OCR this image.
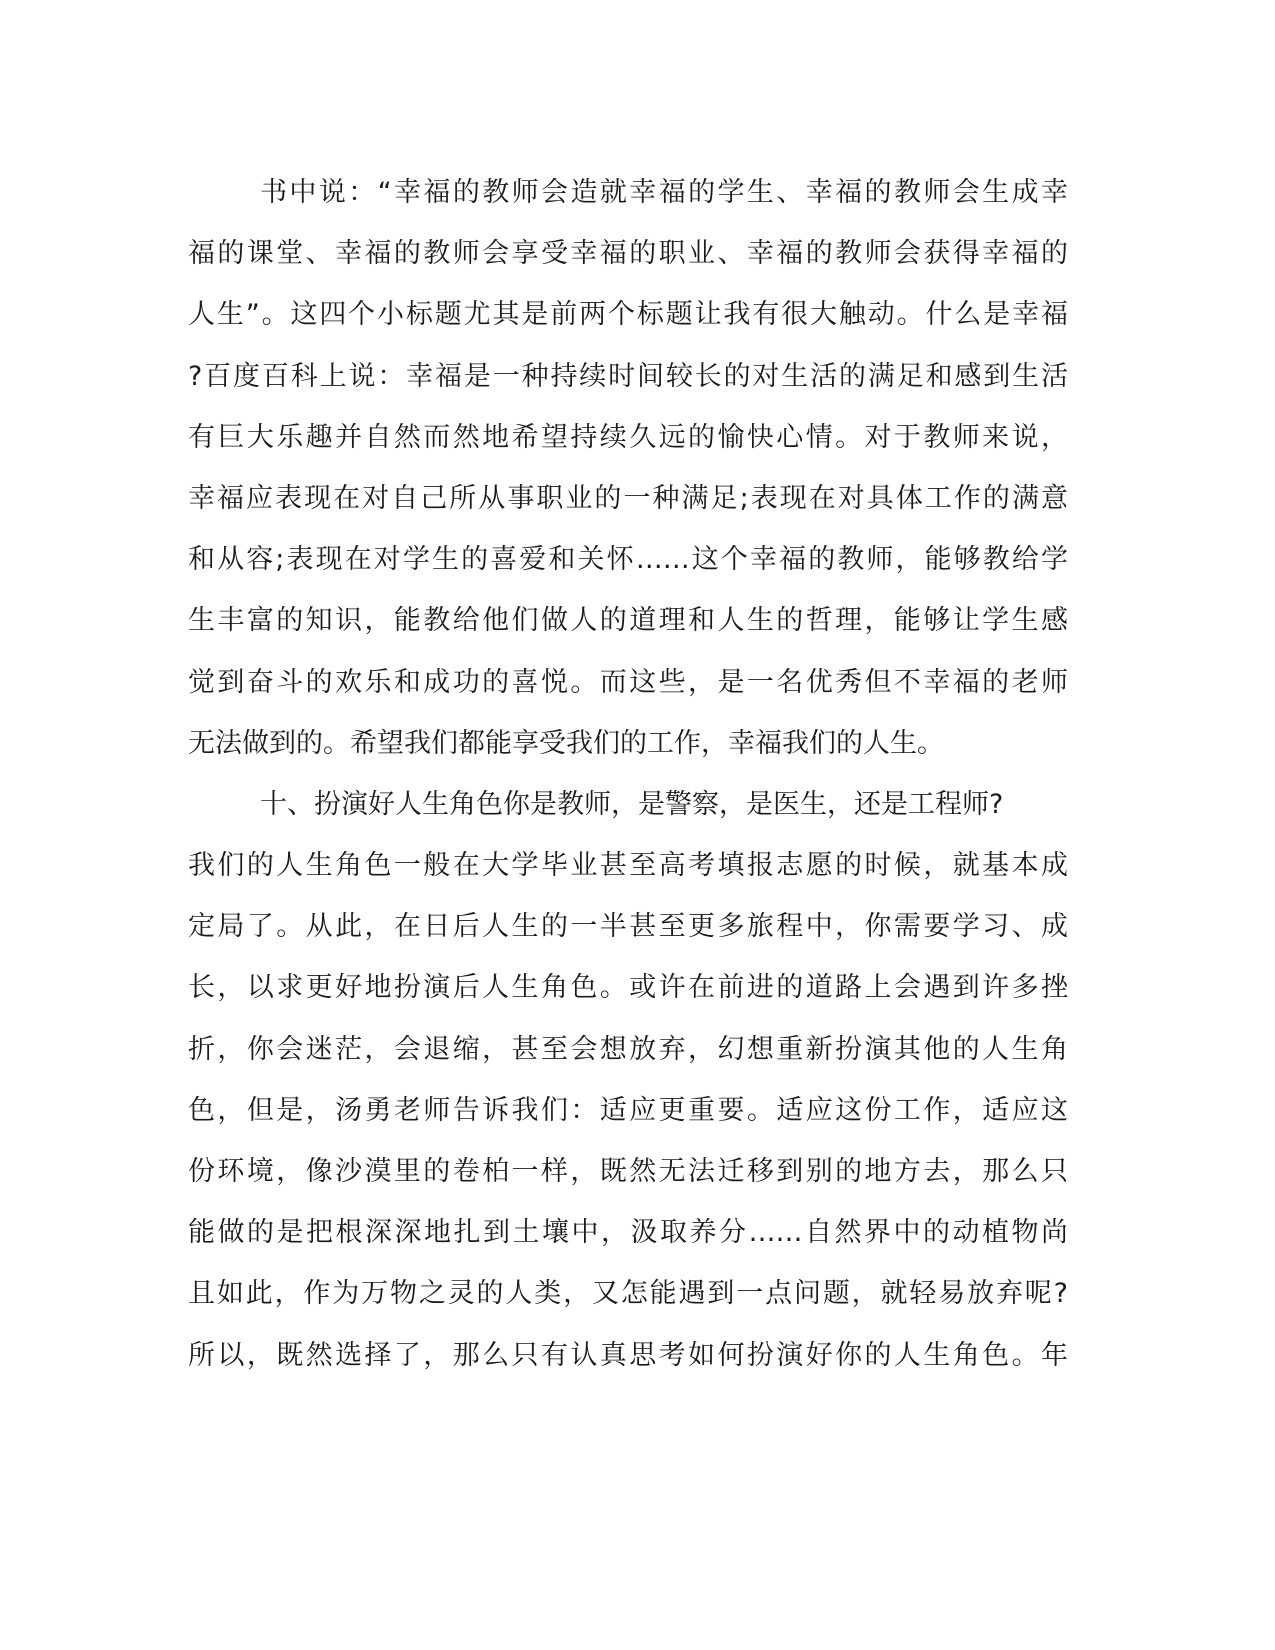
书中说：“幸福的教师会造就幸福的学生、幸福的教师会生成幸
福的课堂、幸福的教师会享受幸福的职业、幸福的教师会获得幸福的
人生”。这四个小标题尤其是前两个标题让我有很大触动。什么是幸福
?百度百科上说：幸福是一种持续时间较长的对生活的满足和感到生活
有巨大乐趣并自然而然地希望持续久远的愉快心情。对于教师来说，
幸福应表现在对自己所从事职业的一种满足;表现在对具体工作的满意
和从容;表现在对学生的喜爱和关怀……这个幸福的教师，能够教给学
生丰富的知识，能教给他们做人的道理和人生的哲理，能够让学生感
觉到奋斗的欢乐和成功的喜悦。而这些，是一名优秀但不幸福的老师
无法做到的。希望我们都能享受我们的工作，幸福我们的人生。
十、扮演好人生角色你是教师，是警察，是医生，还是工程师?
我们的人生角色一般在大学毕业甚至高考填报志愿的时候，就基本成
定局了。从此，在日后人生的一半甚至更多旅程中，你需要学习、成
长，以求更好地扮演后人生角色。或许在前进的道路上会遇到许多挫
折，你会迷茫，会退缩，甚至会想放弃，幻想重新扮演其他的人生角
色，但是，汤勇老师告诉我们：适应更重要。适应这份工作，适应这
份环境，像沙漠里的卷柏一样，既然无法迁移到别的地方去，那么只
能做的是把根深深地扎到土壤中，汲取养分……自然界中的动植物尚
且如此，作为万物之灵的人类，又怎能遇到一点问题，就轻易放弃呢?
所以，既然选择了，那么只有认真思考如何扮演好你的人生角色。年
